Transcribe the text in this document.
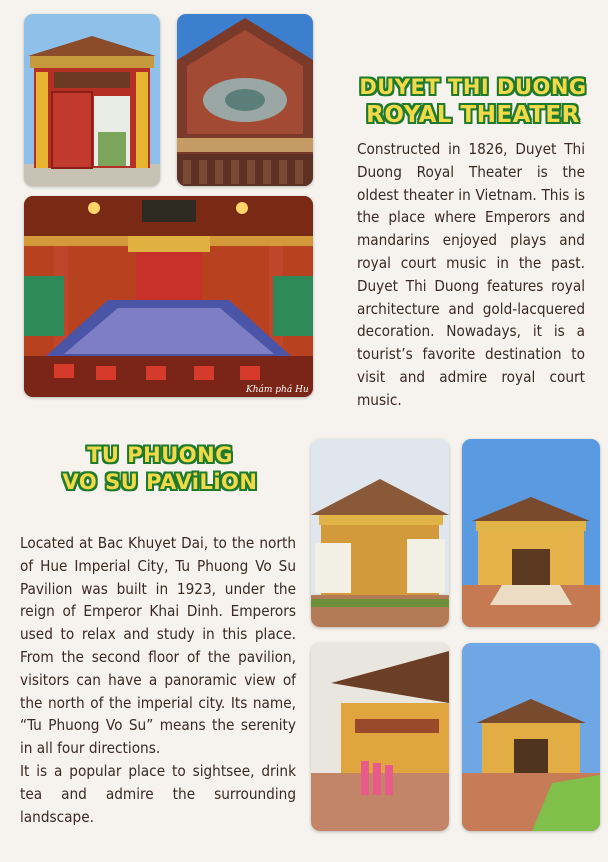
Khám phá Hu
DUYET THI DUONG
ROYAL THEATER

Constructed in 1826, Duyet Thi Duong Royal Theater is the oldest theater in Vietnam. This is the place where Emperors and mandarins enjoyed plays and royal court music in the past. Duyet Thi Duong features royal architecture and gold-lacquered decoration. Nowadays, it is a tourist’s favorite destination to visit and admire royal court music.

TU PHUONG
VO SU PAViLiON

Located at Bac Khuyet Dai, to the north of Hue Imperial City, Tu Phuong Vo Su Pavilion was built in 1923, under the reign of Emperor Khai Dinh. Emperors used to relax and study in this place. From the second floor of the pavilion, visitors can have a panoramic view of the north of the imperial city. Its name, “Tu Phuong Vo Su” means the serenity in all four directions.

It is a popular place to sightsee, drink tea and admire the surrounding landscape.
